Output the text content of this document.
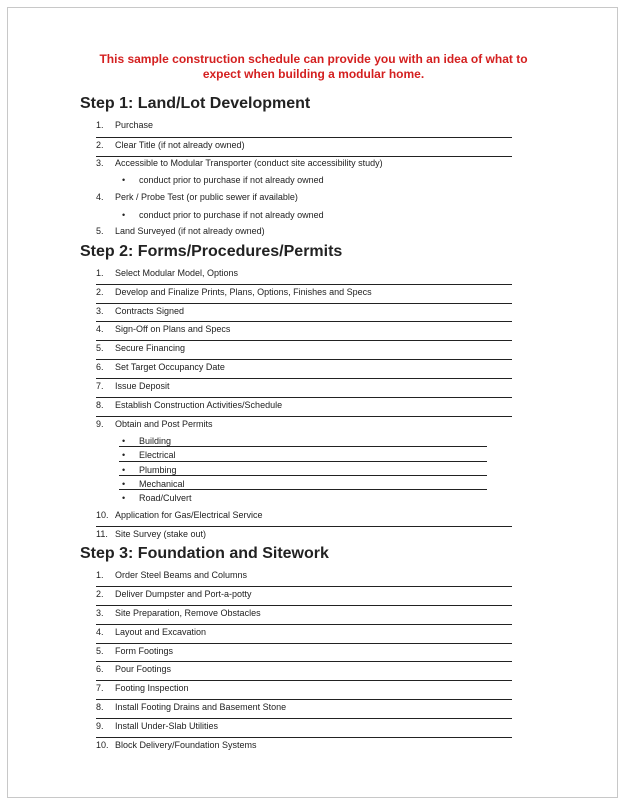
This sample construction schedule can provide you with an idea of what to
expect when building a modular home.
Step 1: Land/Lot Development
1. Purchase
2. Clear Title (if not already owned)
3. Accessible to Modular Transporter (conduct site accessibility study)
• conduct prior to purchase if not already owned
4. Perk / Probe Test (or public sewer if available)
• conduct prior to purchase if not already owned
5. Land Surveyed (if not already owned)
Step 2: Forms/Procedures/Permits
1. Select Modular Model, Options
2. Develop and Finalize Prints, Plans, Options, Finishes and Specs
3. Contracts Signed
4. Sign-Off on Plans and Specs
5. Secure Financing
6. Set Target Occupancy Date
7. Issue Deposit
8. Establish Construction Activities/Schedule
9. Obtain and Post Permits
• Building
• Electrical
• Plumbing
• Mechanical
• Road/Culvert
10. Application for Gas/Electrical Service
11. Site Survey (stake out)
Step 3: Foundation and Sitework
1. Order Steel Beams and Columns
2. Deliver Dumpster and Port-a-potty
3. Site Preparation, Remove Obstacles
4. Layout and Excavation
5. Form Footings
6. Pour Footings
7. Footing Inspection
8. Install Footing Drains and Basement Stone
9. Install Under-Slab Utilities
10. Block Delivery/Foundation Systems
